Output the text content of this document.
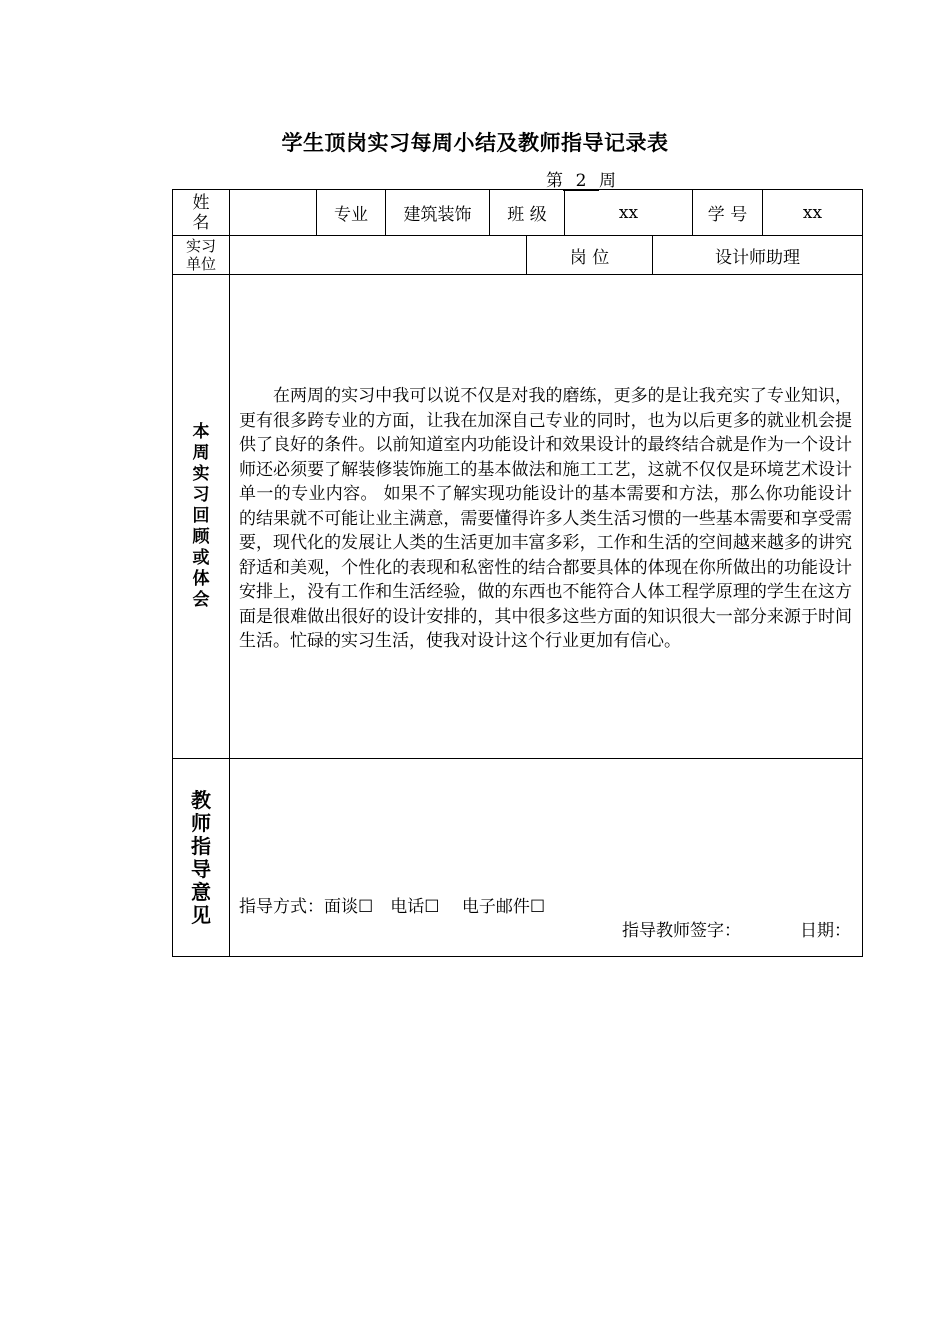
学生顶岗实习每周小结及教师指导记录表
第 2 周
姓名		专业	建筑装饰	班 级		xx		学 号	xx

实习单位					岗 位		设计师助理		

本周实习回顾或体会	在两周的实习中我可以说不仅是对我的磨练，更多的是让我充实了专业知识，更有很多跨专业的方面，让我在加深自己专业的同时，也为以后更多的就业机会提供了良好的条件。以前知道室内功能设计和效果设计的最终结合就是作为一个设计师还必须要了解装修装饰施工的基本做法和施工工艺，这就不仅仅是环境艺术设计单一的专业内容。 如果不了解实现功能设计的基本需要和方法，那么你功能设计的结果就不可能让业主满意，需要懂得许多人类生活习惯的一些基本需要和享受需要，现代化的发展让人类的生活更加丰富多彩，工作和生活的空间越来越多的讲究舒适和美观，个性化的表现和私密性的结合都要具体的体现在你所做出的功能设计安排上，没有工作和生活经验，做的东西也不能符合人体工程学原理的学生在这方面是很难做出很好的设计安排的，其中很多这些方面的知识很大一部分来源于时间生活。忙碌的实习生活，使我对设计这个行业更加有信心。								

教师指导意见	指导方式：面谈☐　电话☐　 电子邮件☐
指导教师签字： 日期：								
